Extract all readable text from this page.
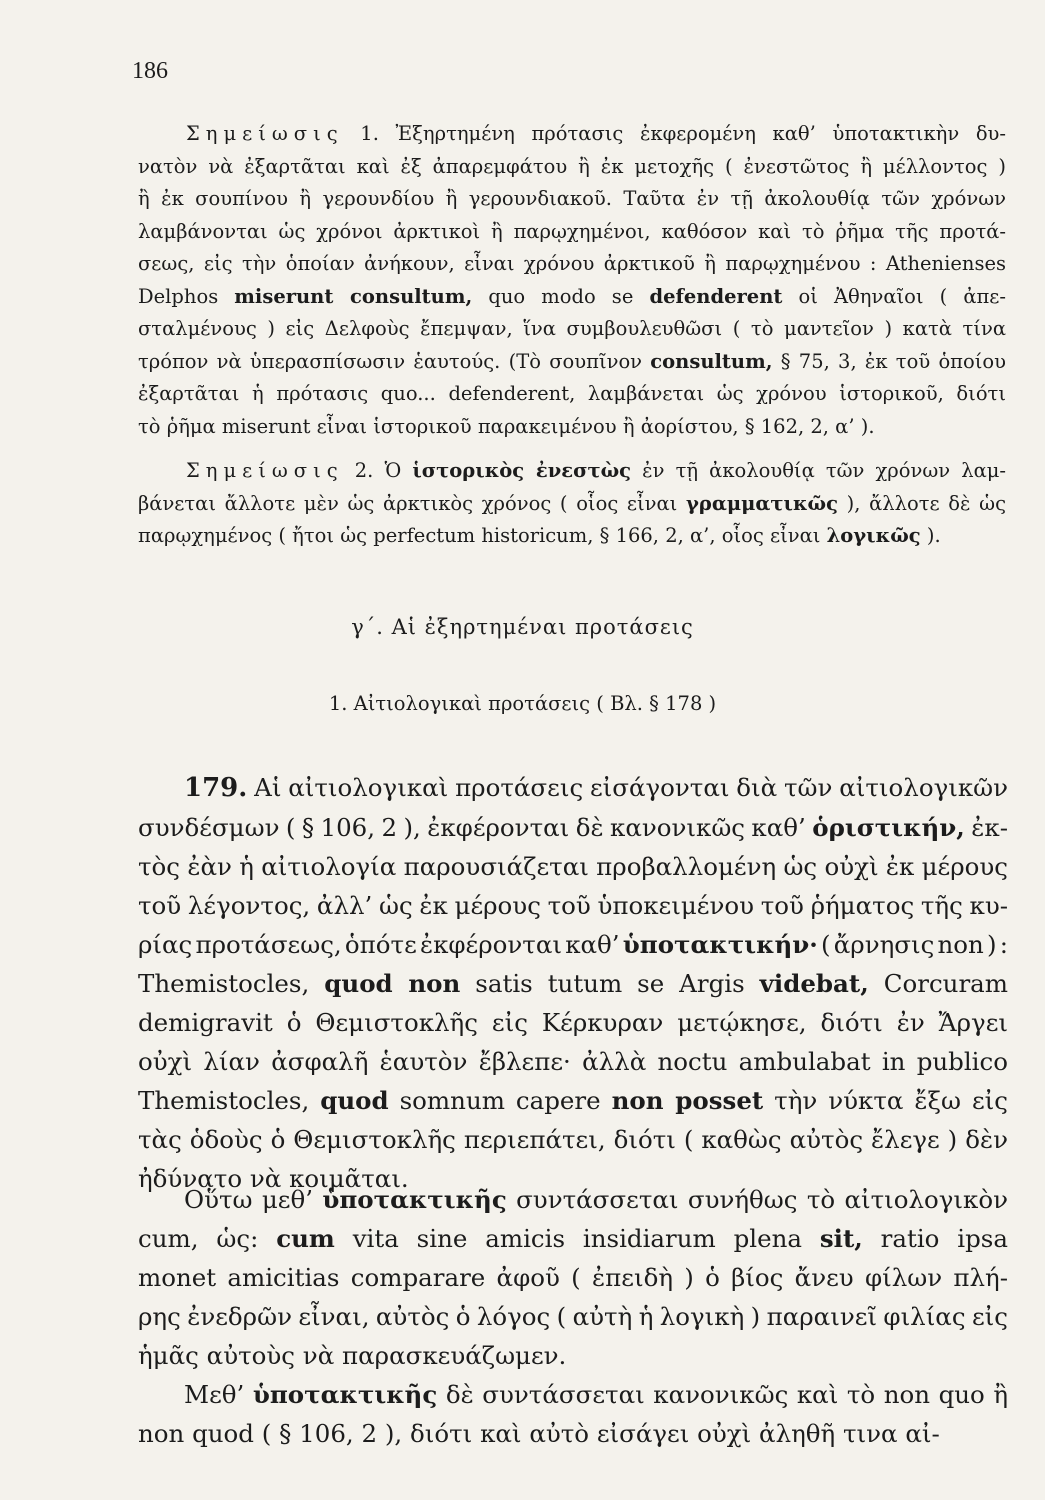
186
Σημείωσις 1. Ἐξηρτημένη πρότασις ἐκφερομένη καθ’ ὑποτακτικὴν δυ-
νατὸν νὰ ἐξαρτᾶται καὶ ἐξ ἀπαρεμφάτου ἢ ἐκ μετοχῆς ( ἐνεστῶτος ἢ μέλλοντος )
ἢ ἐκ σουπίνου ἢ γερουνδίου ἢ γερουνδιακοῦ. Ταῦτα ἐν τῇ ἀκολουθίᾳ τῶν χρόνων
λαμβάνονται ὡς χρόνοι ἀρκτικοὶ ἢ παρῳχημένοι, καθόσον καὶ τὸ ῥῆμα τῆς προτά-
σεως, εἰς τὴν ὁποίαν ἀνήκουν, εἶναι χρόνου ἀρκτικοῦ ἢ παρῳχημένου : Athenienses
Delphos miserunt consultum, quo modo se defenderent οἱ Ἀθηναῖοι ( ἀπε-
σταλμένους ) εἰς Δελφοὺς ἔπεμψαν, ἵνα συμβουλευθῶσι ( τὸ μαντεῖον ) κατὰ τίνα
τρόπον νὰ ὑπερασπίσωσιν ἑαυτούς. (Τὸ σουπῖνον consultum, § 75, 3, ἐκ τοῦ ὁποίου
ἐξαρτᾶται ἡ πρότασις quo... defenderent, λαμβάνεται ὡς χρόνου ἱστορικοῦ, διότι
τὸ ῥῆμα miserunt εἶναι ἱστορικοῦ παρακειμένου ἢ ἀορίστου, § 162, 2, α’ ).
Σημείωσις 2. Ὁ ἱστορικὸς ἐνεστὼς ἐν τῇ ἀκολουθίᾳ τῶν χρόνων λαμ-
βάνεται ἄλλοτε μὲν ὡς ἀρκτικὸς χρόνος ( οἷος εἶναι γραμματικῶς ), ἄλλοτε δὲ ὡς
παρῳχημένος ( ἤτοι ὡς perfectum historicum, § 166, 2, α’, οἷος εἶναι λογικῶς ).
γ΄. Αἱ ἐξηρτημέναι προτάσεις
1. Αἰτιολογικαὶ προτάσεις ( Βλ. § 178 )
179. Αἱ αἰτιολογικαὶ προτάσεις εἰσάγονται διὰ τῶν αἰτιολογικῶν
συνδέσμων ( § 106, 2 ), ἐκφέρονται δὲ κανονικῶς καθ’ ὁριστικήν, ἐκ-
τὸς ἐὰν ἡ αἰτιολογία παρουσιάζεται προβαλλομένη ὡς οὐχὶ ἐκ μέρους
τοῦ λέγοντος, ἀλλ’ ὡς ἐκ μέρους τοῦ ὑποκειμένου τοῦ ῥήματος τῆς κυ-
ρίας προτάσεως, ὁπότε ἐκφέρονται καθ’ ὑποτακτικήν· ( ἄρνησις non ) :
Themistocles, quod non satis tutum se Argis videbat, Corcuram
demigravit ὁ Θεμιστοκλῆς εἰς Κέρκυραν μετῴκησε, διότι ἐν Ἄργει
οὐχὶ λίαν ἀσφαλῆ ἑαυτὸν ἔβλεπε· ἀλλὰ noctu ambulabat in publico
Themistocles, quod somnum capere non posset τὴν νύκτα ἔξω εἰς
τὰς ὁδοὺς ὁ Θεμιστοκλῆς περιεπάτει, διότι ( καθὼς αὐτὸς ἔλεγε ) δὲν
ἠδύνατο νὰ κοιμᾶται.
Οὕτω μεθ’ ὑποτακτικῆς συντάσσεται συνήθως τὸ αἰτιολογικὸν
cum, ὡς: cum vita sine amicis insidiarum plena sit, ratio ipsa
monet amicitias comparare ἀφοῦ ( ἐπειδὴ ) ὁ βίος ἄνευ φίλων πλή-
ρης ἐνεδρῶν εἶναι, αὐτὸς ὁ λόγος ( αὐτὴ ἡ λογικὴ ) παραινεῖ φιλίας εἰς
ἡμᾶς αὐτοὺς νὰ παρασκευάζωμεν.
Μεθ’ ὑποτακτικῆς δὲ συντάσσεται κανονικῶς καὶ τὸ non quo ἢ
non quod ( § 106, 2 ), διότι καὶ αὐτὸ εἰσάγει οὐχὶ ἀληθῆ τινα αἰ-
